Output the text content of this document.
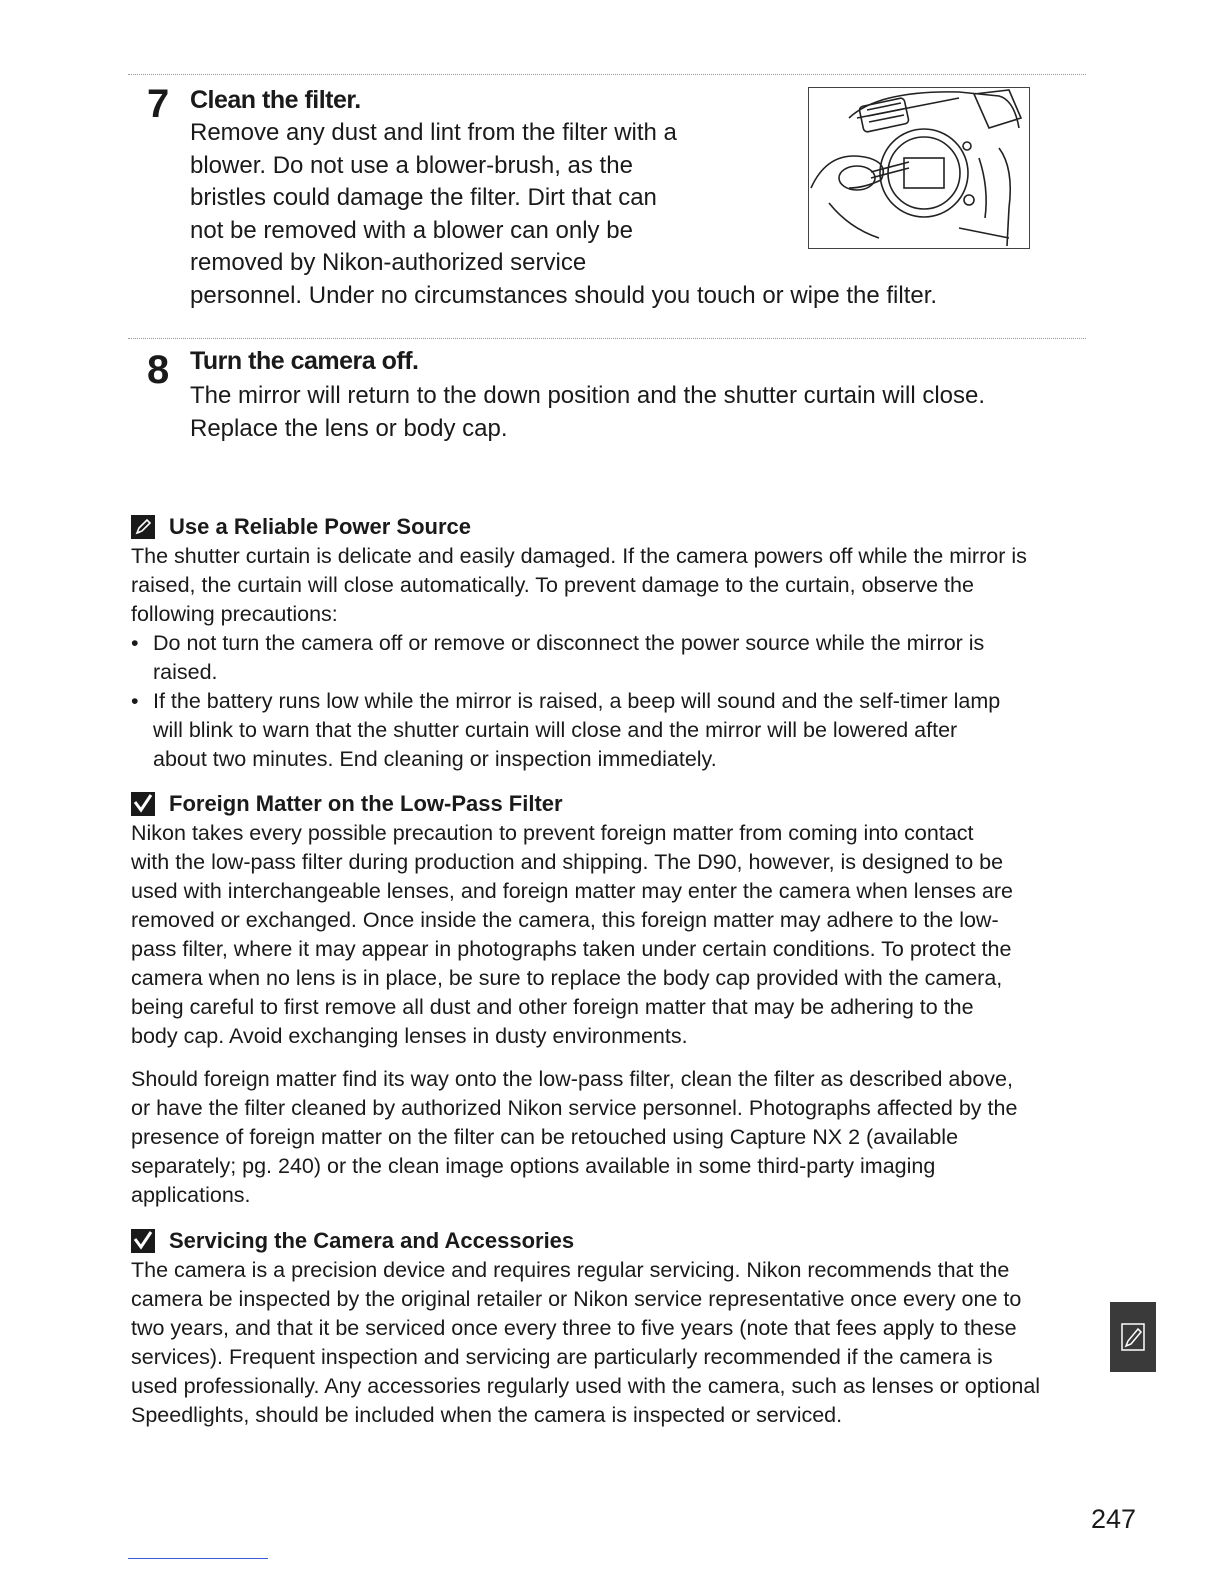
7 Clean the filter.
Remove any dust and lint from the filter with a
blower. Do not use a blower-brush, as the
bristles could damage the filter. Dirt that can
not be removed with a blower can only be
removed by Nikon-authorized service
personnel. Under no circumstances should you touch or wipe the filter.
8 Turn the camera off.
The mirror will return to the down position and the shutter curtain will close.
Replace the lens or body cap.
Use a Reliable Power Source
The shutter curtain is delicate and easily damaged. If the camera powers off while the mirror is
raised, the curtain will close automatically. To prevent damage to the curtain, observe the
following precautions:
• Do not turn the camera off or remove or disconnect the power source while the mirror is
raised.
• If the battery runs low while the mirror is raised, a beep will sound and the self-timer lamp
will blink to warn that the shutter curtain will close and the mirror will be lowered after
about two minutes. End cleaning or inspection immediately.
Foreign Matter on the Low-Pass Filter
Nikon takes every possible precaution to prevent foreign matter from coming into contact
with the low-pass filter during production and shipping. The D90, however, is designed to be
used with interchangeable lenses, and foreign matter may enter the camera when lenses are
removed or exchanged. Once inside the camera, this foreign matter may adhere to the low-
pass filter, where it may appear in photographs taken under certain conditions. To protect the
camera when no lens is in place, be sure to replace the body cap provided with the camera,
being careful to first remove all dust and other foreign matter that may be adhering to the
body cap. Avoid exchanging lenses in dusty environments.
Should foreign matter find its way onto the low-pass filter, clean the filter as described above,
or have the filter cleaned by authorized Nikon service personnel. Photographs affected by the
presence of foreign matter on the filter can be retouched using Capture NX 2 (available
separately; pg. 240) or the clean image options available in some third-party imaging
applications.
Servicing the Camera and Accessories
The camera is a precision device and requires regular servicing. Nikon recommends that the
camera be inspected by the original retailer or Nikon service representative once every one to
two years, and that it be serviced once every three to five years (note that fees apply to these
services). Frequent inspection and servicing are particularly recommended if the camera is
used professionally. Any accessories regularly used with the camera, such as lenses or optional
Speedlights, should be included when the camera is inspected or serviced.
247
